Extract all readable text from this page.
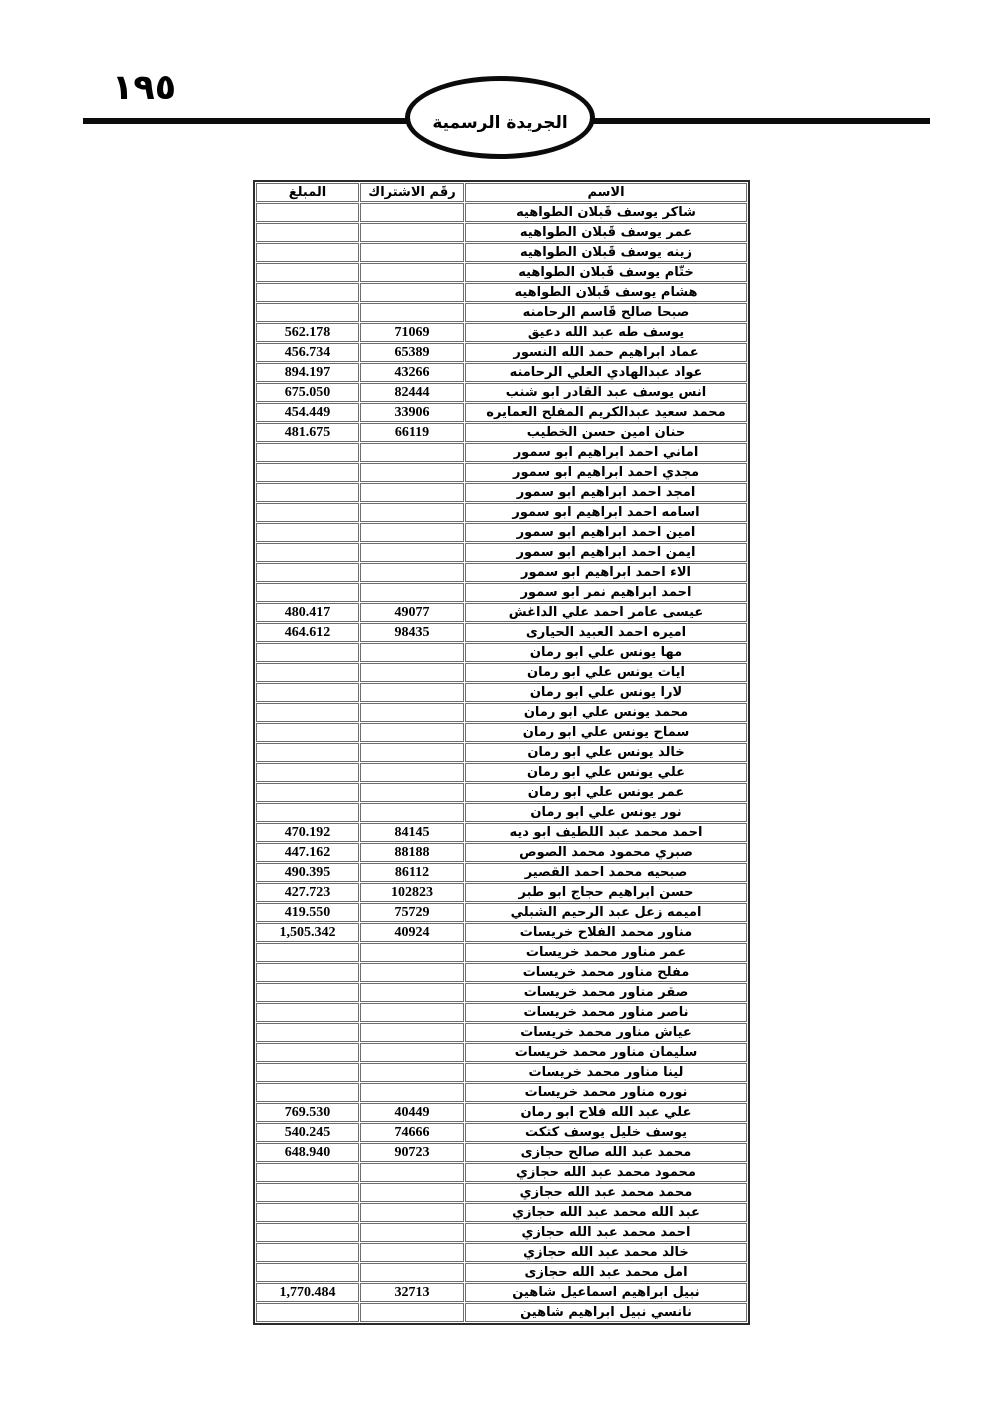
١٩٥
الجريدة الرسمية
الاسم	رقَم الاشتراك	المبلغ
شاكر يوسف قَبلان الطواهيه		
عمر يوسف قَبلان الطواهيه		
زينه يوسف قَبلان الطواهيه		
ختّام يوسف قَبلان الطواهيه		
هشام يوسف قَبلان الطواهيه		
صبحا صالح قَاسم الرحامنه		
يوسف طه عبد الله دعيق	71069	562.178
عماد ابراهيم حمد الله النسور	65389	456.734
عواد عبدالهادي العلي الرحامنه	43266	894.197
انس يوسف عبد القادر ابو شنب	82444	675.050
محمد سعيد عبدالكريم المفلح العمايره	33906	454.449
حنان امين حسن الخطيب	66119	481.675
اماني احمد ابراهيم ابو سمور		
مجدي احمد ابراهيم ابو سمور		
امجد احمد ابراهيم ابو سمور		
اسامه احمد ابراهيم ابو سمور		
امين احمد ابراهيم ابو سمور		
ايمن احمد ابراهيم ابو سمور		
الاء احمد ابراهيم ابو سمور		
احمد ابراهيم نمر ابو سمور		
عيسى عامر احمد علي الداغش	49077	480.417
اميره احمد العبيد الحيارى	98435	464.612
مها يونس علي ابو رمان		
ايات يونس علي ابو رمان		
لارا يونس علي ابو رمان		
محمد يونس علي ابو رمان		
سماح يونس علي ابو رمان		
خالد يونس علي ابو رمان		
علي يونس علي ابو رمان		
عمر يونس علي ابو رمان		
نور يونس علي ابو رمان		
احمد محمد عبد اللطيف ابو ديه	84145	470.192
صبري محمود محمد الصوص	88188	447.162
صبحيه محمد احمد القصير	86112	490.395
حسن ابراهيم حجاج ابو طبر	102823	427.723
اميمه زعل عبد الرحيم الشبلي	75729	419.550
مناور محمد الفلاح خريسات	40924	1,505.342
عمر مناور محمد خريسات		
مفلح مناور محمد خريسات		
صقر مناور محمد خريسات		
ناصر مناور محمد خريسات		
عياش مناور محمد خريسات		
سليمان مناور محمد خريسات		
لينا مناور محمد خريسات		
نوره مناور محمد خريسات		
علي عبد الله فلاح ابو رمان	40449	769.530
يوسف خليل يوسف كتكت	74666	540.245
محمد عبد الله صالح حجازى	90723	648.940
محمود محمد عبد الله حجازي		
محمد محمد عبد الله حجازي		
عبد الله محمد عبد الله حجازي		
احمد محمد عبد الله حجازي		
خالد محمد عبد الله حجازي		
امل محمد عبد الله حجازى		
نبيل ابراهيم اسماعيل شاهين	32713	1,770.484
نانسي نبيل ابراهيم شاهين		
